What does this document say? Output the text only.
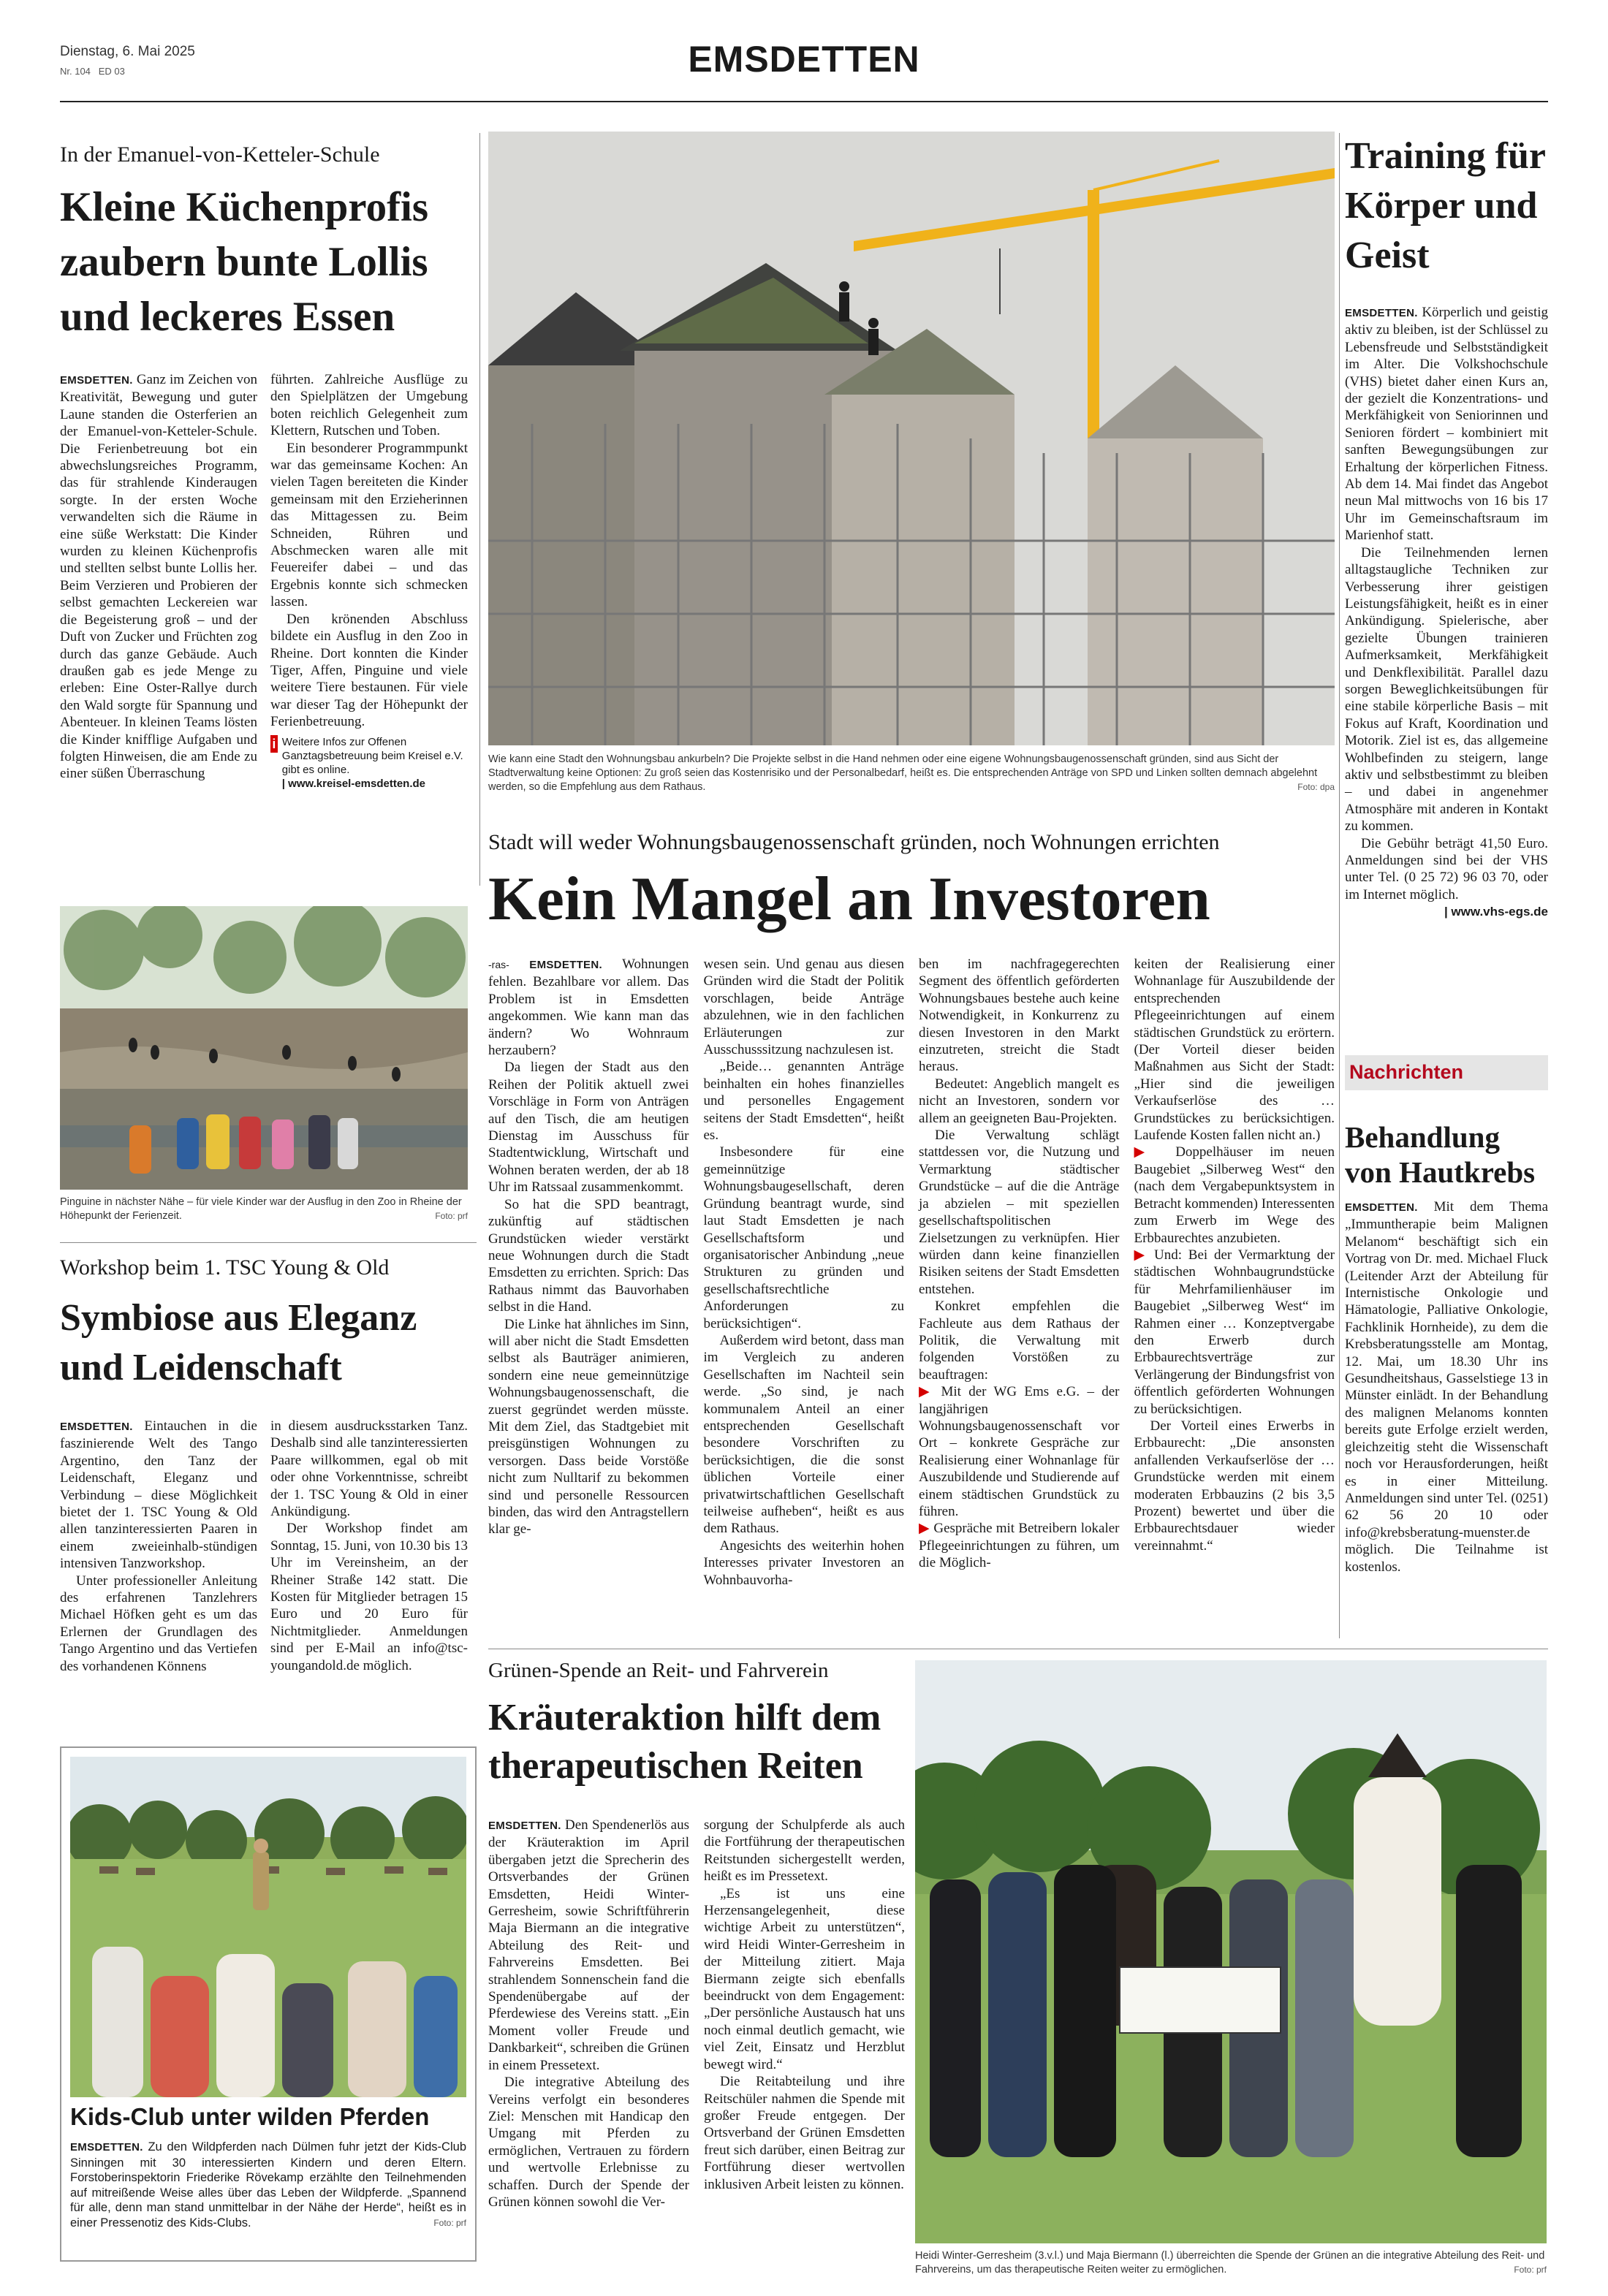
Dienstag, 6. Mai 2025
Nr. 104 ED 03	EMSDETTEN
In der Emanuel-von-Ketteler-Schule
Kleine Küchenprofis zaubern bunte Lollis und leckeres Essen

EMSDETTEN. Ganz im Zeichen von Kreativität, Bewegung und guter Laune standen die Osterferien an der Emanuel-von-Ketteler-Schule. Die Ferienbetreuung bot ein abwechslungsreiches Programm, das für strahlende Kinderaugen sorgte. In der ersten Woche verwandelten sich die Räume in eine süße Werkstatt: Die Kinder wurden zu kleinen Küchenprofis und stellten selbst bunte Lollis her. Beim Verzieren und Probieren der selbst gemachten Leckereien war die Begeisterung groß – und der Duft von Zucker und Früchten zog durch das ganze Gebäude. Auch draußen gab es jede Menge zu erleben: Eine Oster-Rallye durch den Wald sorgte für Spannung und Abenteuer. In kleinen Teams lösten die Kinder knifflige Aufgaben und folgten Hinweisen, die am Ende zu einer süßen Überraschung

führten. Zahlreiche Ausflüge zu den Spielplätzen der Umgebung boten reichlich Gelegenheit zum Klettern, Rutschen und Toben.

Ein besonderer Programmpunkt war das gemeinsame Kochen: An vielen Tagen bereiteten die Kinder gemeinsam mit den Erzieherinnen das Mittagessen zu. Beim Schneiden, Rühren und Abschmecken waren alle mit Feuereifer dabei – und das Ergebnis konnte sich schmecken lassen.

Den krönenden Abschluss bildete ein Ausflug in den Zoo in Rheine. Dort konnten die Kinder Tiger, Affen, Pinguine und viele weitere Tiere bestaunen. Für viele war dieser Tag der Höhepunkt der Ferienbetreuung.

i Weitere Infos zur Offenen Ganztagsbetreuung beim Kreisel e.V. gibt es online.
| www.kreisel-emsdetten.de
Pinguine in nächster Nähe – für viele Kinder war der Ausflug in den Zoo in Rheine der Höhepunkt der Ferienzeit.	Foto: prf
Workshop beim 1. TSC Young & Old
Symbiose aus Eleganz und Leidenschaft

EMSDETTEN. Eintauchen in die faszinierende Welt des Tango Argentino, den Tanz der Leidenschaft, Eleganz und Verbindung – diese Möglichkeit bietet der 1. TSC Young & Old allen tanzinteressierten Paaren in einem zweieinhalb-stündigen intensiven Tanzworkshop.

Unter professioneller Anleitung des erfahrenen Tanzlehrers Michael Höfken geht es um das Erlernen der Grundlagen des Tango Argentino und das Vertiefen des vorhandenen Könnens

in diesem ausdrucksstarken Tanz. Deshalb sind alle tanzinteressierten Paare willkommen, egal ob mit oder ohne Vorkenntnisse, schreibt der 1. TSC Young & Old in einer Ankündigung.

Der Workshop findet am Sonntag, 15. Juni, von 10.30 bis 13 Uhr im Vereinsheim, an der Rheiner Straße 142 statt. Die Kosten für Mitglieder betragen 15 Euro und 20 Euro für Nichtmitglieder. Anmeldungen sind per E-Mail an info@tsc-youngandold.de möglich.

Kids-Club unter wilden Pferden
EMSDETTEN. Zu den Wildpferden nach Dülmen fuhr jetzt der Kids-Club Sinningen mit 30 interessierten Kindern und deren Eltern. Forstoberinspektorin Friederike Rövekamp erzählte den Teilnehmenden auf mitreißende Weise alles über das Leben der Wildpferde. „Spannend für alle, denn man stand unmittelbar in der Nähe der Herde“, heißt es in einer Pressenotiz des Kids-Clubs.	Foto: prf
Wie kann eine Stadt den Wohnungsbau ankurbeln? Die Projekte selbst in die Hand nehmen oder eine eigene Wohnungsbaugenossenschaft gründen, sind aus Sicht der Stadtverwaltung keine Optionen: Zu groß seien das Kostenrisiko und der Personalbedarf, heißt es. Die entsprechenden Anträge von SPD und Linken sollten demnach abgelehnt werden, so die Empfehlung aus dem Rathaus.	Foto: dpa
Stadt will weder Wohnungsbaugenossenschaft gründen, noch Wohnungen errichten
Kein Mangel an Investoren

-ras- EMSDETTEN. Wohnungen fehlen. Bezahlbare vor allem. Das Problem ist in Emsdetten angekommen. Wie kann man das ändern? Wo Wohnraum herzaubern?

Da liegen der Stadt aus den Reihen der Politik aktuell zwei Vorschläge in Form von Anträgen auf den Tisch, die am heutigen Dienstag im Ausschuss für Stadtentwicklung, Wirtschaft und Wohnen beraten werden, der ab 18 Uhr im Ratssaal zusammenkommt.

So hat die SPD beantragt, zukünftig auf städtischen Grundstücken wieder verstärkt neue Wohnungen durch die Stadt Emsdetten zu errichten. Sprich: Das Rathaus nimmt das Bauvorhaben selbst in die Hand.

Die Linke hat ähnliches im Sinn, will aber nicht die Stadt Emsdetten selbst als Bauträger animieren, sondern eine neue gemeinnützige Wohnungsbaugenossenschaft, die zuerst gegründet werden müsste. Mit dem Ziel, das Stadtgebiet mit preisgünstigen Wohnungen zu versorgen. Dass beide Vorstöße nicht zum Nulltarif zu bekommen sind und personelle Ressourcen binden, das wird den Antragstellern klar ge-

wesen sein. Und genau aus diesen Gründen wird die Stadt der Politik vorschlagen, beide Anträge abzulehnen, wie in den fachlichen Erläuterungen zur Ausschusssitzung nachzulesen ist.

„Beide… genannten Anträge beinhalten ein hohes finanzielles und personelles Engagement seitens der Stadt Emsdetten“, heißt es.

Insbesondere für eine gemeinnützige Wohnungsbaugesellschaft, deren Gründung beantragt wurde, sind laut Stadt Emsdetten je nach Gesellschaftsform und organisatorischer Anbindung „neue Strukturen zu gründen und gesellschaftsrechtliche Anforderungen zu berücksichtigen“.

Außerdem wird betont, dass man im Vergleich zu anderen Gesellschaften im Nachteil sein werde. „So sind, je nach kommunalem Anteil an einer entsprechenden Gesellschaft besondere Vorschriften zu berücksichtigen, die die sonst üblichen Vorteile einer privatwirtschaftlichen Gesellschaft teilweise aufheben“, heißt es aus dem Rathaus.

Angesichts des weiterhin hohen Interesses privater Investoren an Wohnbauvorha-

ben im nachfragegerechten Segment des öffentlich geförderten Wohnungsbaues bestehe auch keine Notwendigkeit, in Konkurrenz zu diesen Investoren in den Markt einzutreten, streicht die Stadt heraus.

Bedeutet: Angeblich mangelt es nicht an Investoren, sondern vor allem an geeigneten Bau-Projekten.

Die Verwaltung schlägt stattdessen vor, die Nutzung und Vermarktung städtischer Grundstücke – auf die die Anträge ja abzielen – mit speziellen gesellschaftspolitischen Zielsetzungen zu verknüpfen. Hier würden dann keine finanziellen Risiken seitens der Stadt Emsdetten entstehen.

Konkret empfehlen die Fachleute aus dem Rathaus der Politik, die Verwaltung mit folgenden Vorstößen zu beauftragen:

▶ Mit der WG Ems e.G. – der langjährigen Wohnungsbaugenossenschaft vor Ort – konkrete Gespräche zur Realisierung einer Wohnanlage für Auszubildende und Studierende auf einem städtischen Grundstück zu führen.

▶ Gespräche mit Betreibern lokaler Pflegeeinrichtungen zu führen, um die Möglich-

keiten der Realisierung einer Wohnanlage für Auszubildende der entsprechenden Pflegeeinrichtungen auf einem städtischen Grundstück zu erörtern. (Der Vorteil dieser beiden Maßnahmen aus Sicht der Stadt: „Hier sind die jeweiligen Verkaufserlöse des … Grundstückes zu berücksichtigen. Laufende Kosten fallen nicht an.)

▶ Doppelhäuser im neuen Baugebiet „Silberweg West“ den (nach dem Vergabepunktsystem in Betracht kommenden) Interessenten zum Erwerb im Wege des Erbbaurechtes anzubieten.

▶ Und: Bei der Vermarktung der städtischen Wohnbaugrundstücke für Mehrfamilienhäuser im Baugebiet „Silberweg West“ im Rahmen einer … Konzeptvergabe den Erwerb durch Erbbaurechtsverträge zur Verlängerung der Bindungsfrist von öffentlich geförderten Wohnungen zu berücksichtigen.

Der Vorteil eines Erwerbs in Erbbaurecht: „Die ansonsten anfallenden Verkaufserlöse der … Grundstücke werden mit einem moderaten Erbbauzins (2 bis 3,5 Prozent) bewertet und über die Erbbaurechtsdauer wieder vereinnahmt.“

Grünen-Spende an Reit- und Fahrverein
Kräuteraktion hilft dem therapeutischen Reiten

EMSDETTEN. Den Spendenerlös aus der Kräuteraktion im April übergaben jetzt die Sprecherin des Ortsverbandes der Grünen Emsdetten, Heidi Winter-Gerresheim, sowie Schriftführerin Maja Biermann an die integrative Abteilung des Reit- und Fahrvereins Emsdetten. Bei strahlendem Sonnenschein fand die Spendenübergabe auf der Pferdewiese des Vereins statt. „Ein Moment voller Freude und Dankbarkeit“, schreiben die Grünen in einem Pressetext.

Die integrative Abteilung des Vereins verfolgt ein besonderes Ziel: Menschen mit Handicap den Umgang mit Pferden zu ermöglichen, Vertrauen zu fördern und wertvolle Erlebnisse zu schaffen. Durch der Spende der Grünen können sowohl die Ver-

sorgung der Schulpferde als auch die Fortführung der therapeutischen Reitstunden sichergestellt werden, heißt es im Pressetext.

„Es ist uns eine Herzensangelegenheit, diese wichtige Arbeit zu unterstützen“, wird Heidi Winter-Gerresheim in der Mitteilung zitiert. Maja Biermann zeigte sich ebenfalls beeindruckt von dem Engagement: „Der persönliche Austausch hat uns noch einmal deutlich gemacht, wie viel Zeit, Einsatz und Herzblut bewegt wird.“

Die Reitabteilung und ihre Reitschüler nahmen die Spende mit großer Freude entgegen. Der Ortsverband der Grünen Emsdetten freut sich darüber, einen Beitrag zur Fortführung dieser wertvollen inklusiven Arbeit leisten zu können.

Heidi Winter-Gerresheim (3.v.l.) und Maja Biermann (l.) überreichten die Spende der Grünen an die integrative Abteilung des Reit- und Fahrvereins, um das therapeutische Reiten weiter zu ermöglichen.	Foto: prf
Training für Körper und Geist

EMSDETTEN. Körperlich und geistig aktiv zu bleiben, ist der Schlüssel zu Lebensfreude und Selbstständigkeit im Alter. Die Volkshochschule (VHS) bietet daher einen Kurs an, der gezielt die Konzentrations- und Merkfähigkeit von Seniorinnen und Senioren fördert – kombiniert mit sanften Bewegungsübungen zur Erhaltung der körperlichen Fitness. Ab dem 14. Mai findet das Angebot neun Mal mittwochs von 16 bis 17 Uhr im Gemeinschaftsraum im Marienhof statt.

Die Teilnehmenden lernen alltagstaugliche Techniken zur Verbesserung ihrer geistigen Leistungsfähigkeit, heißt es in einer Ankündigung. Spielerische, aber gezielte Übungen trainieren Aufmerksamkeit, Merkfähigkeit und Denkflexibilität. Parallel dazu sorgen Beweglichkeitsübungen für eine stabile körperliche Basis – mit Fokus auf Kraft, Koordination und Motorik. Ziel ist es, das allgemeine Wohlbefinden zu steigern, lange aktiv und selbstbestimmt zu bleiben – und dabei in angenehmer Atmosphäre mit anderen in Kontakt zu kommen.

Die Gebühr beträgt 41,50 Euro. Anmeldungen sind bei der VHS unter Tel. (0 25 72) 96 03 70, oder im Internet möglich.

| www.vhs-egs.de

Nachrichten
Behandlung von Hautkrebs

EMSDETTEN. Mit dem Thema „Immuntherapie beim Malignen Melanom“ beschäftigt sich ein Vortrag von Dr. med. Michael Fluck (Leitender Arzt der Abteilung für Internistische Onkologie und Hämatologie, Palliative Onkologie, Fachklinik Hornheide), zu dem die Krebsberatungsstelle am Montag, 12. Mai, um 18.30 Uhr ins Gesundheitshaus, Gasselstiege 13 in Münster einlädt. In der Behandlung des malignen Melanoms konnten bereits gute Erfolge erzielt werden, gleichzeitig steht die Wissenschaft noch vor Herausforderungen, heißt es in einer Mitteilung. Anmeldungen sind unter Tel. (0251) 62 56 20 10 oder info@krebsberatung-muenster.de möglich. Die Teilnahme ist kostenlos.
